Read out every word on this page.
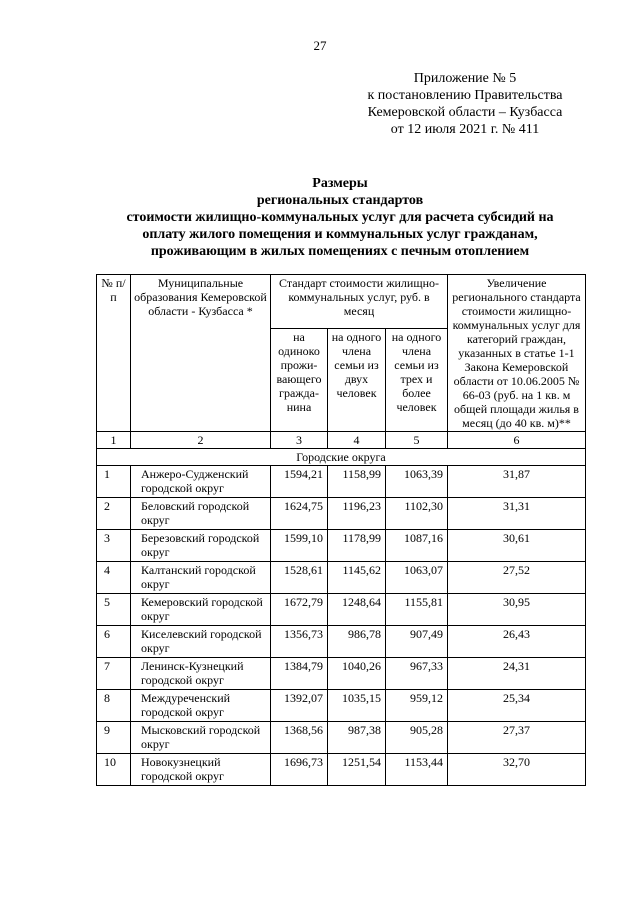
27
Приложение № 5
к постановлению Правительства
Кемеровской области – Кузбасса
от 12 июля 2021 г. № 411
Размеры
региональных стандартов
стоимости жилищно-коммунальных услуг для расчета субсидий на
оплату жилого помещения и коммунальных услуг гражданам,
проживающим в жилых помещениях с печным отоплением
№ п/п	Муниципальные образования Кемеровской области - Кузбасса *	Стандарт стоимости жилищно-коммунальных услуг, руб. в месяц			Увеличение регионального стандарта стоимости жилищно-коммунальных услуг для категорий граждан, указанных в статье 1-1 Закона Кемеровской области от 10.06.2005 № 66-03 (руб. на 1 кв. м общей площади жилья в месяц (до 40 кв. м)**
		на одиноко прожи-вающего гражда-нина	на одного члена семьи из двух человек	на одного члена семьи из трех и более человек	
1	2	3	4	5	6
Городские округа					
1	Анжеро-Судженский городской округ	1594,21	1158,99	1063,39	31,87
2	Беловский городской округ	1624,75	1196,23	1102,30	31,31
3	Березовский городской округ	1599,10	1178,99	1087,16	30,61
4	Калтанский городской округ	1528,61	1145,62	1063,07	27,52
5	Кемеровский городской округ	1672,79	1248,64	1155,81	30,95
6	Киселевский городской округ	1356,73	986,78	907,49	26,43
7	Ленинск-Кузнецкий городской округ	1384,79	1040,26	967,33	24,31
8	Междуреченский городской округ	1392,07	1035,15	959,12	25,34
9	Мысковский городской округ	1368,56	987,38	905,28	27,37
10	Новокузнецкий городской округ	1696,73	1251,54	1153,44	32,70
